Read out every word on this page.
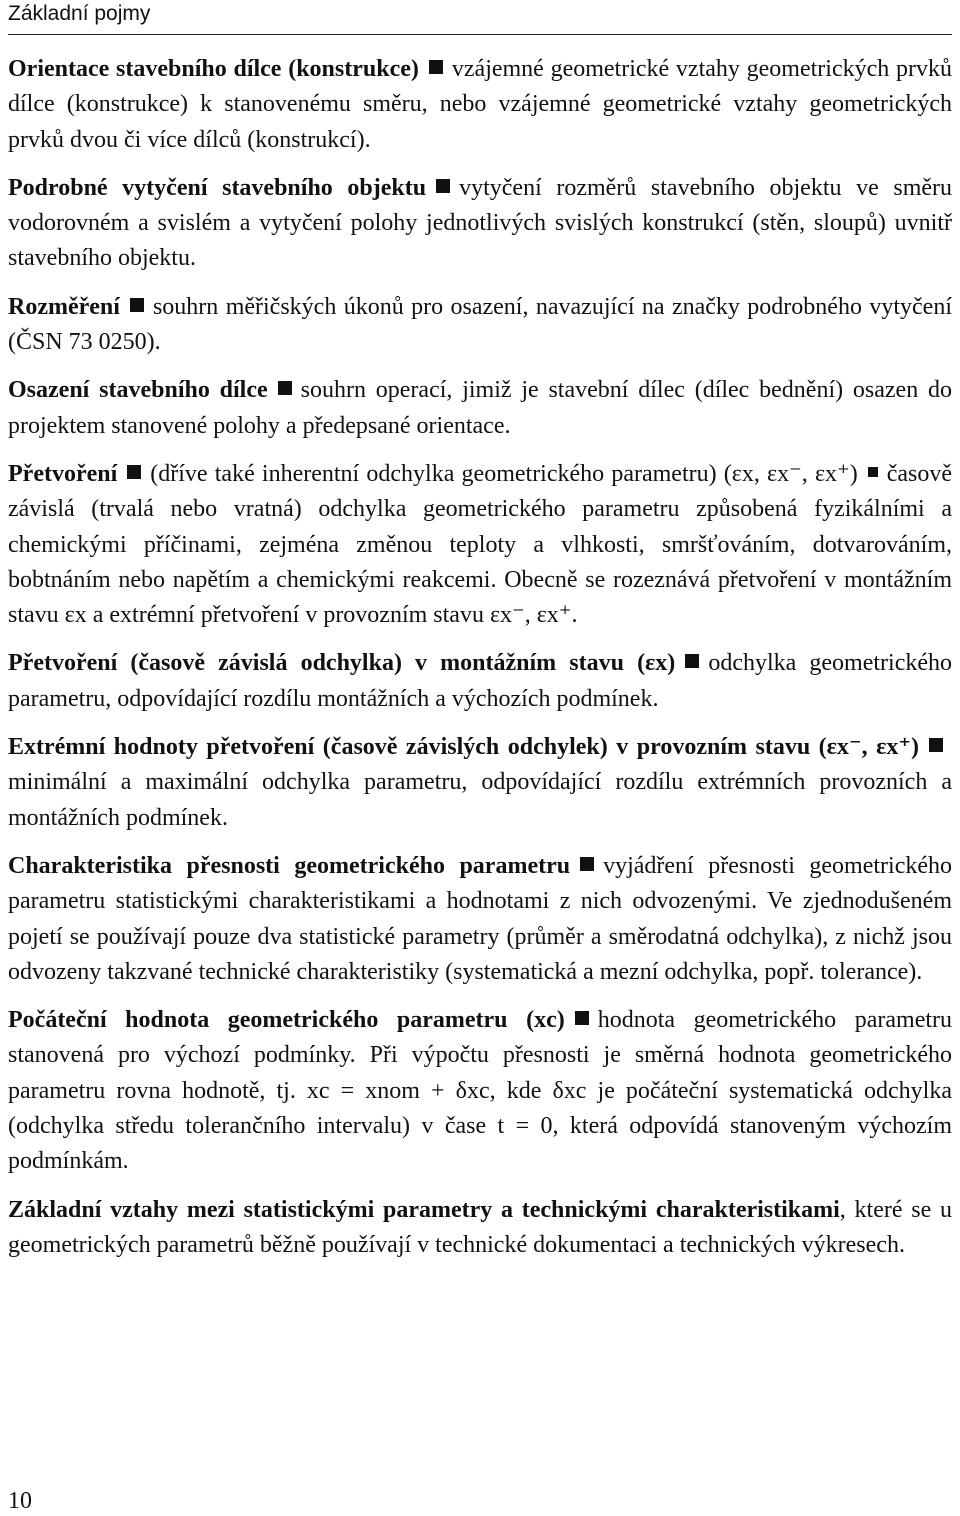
Základní pojmy

Orientace stavebního dílce (konstrukce) vzájemné geometrické vztahy geometrických prvků dílce (konstrukce) k stanovenému směru, nebo vzájemné geometrické vztahy geometrických prvků dvou či více dílců (konstrukcí).

Podrobné vytyčení stavebního objektu vytyčení rozměrů stavebního objektu ve směru vodorovném a svislém a vytyčení polohy jednotlivých svislých konstrukcí (stěn, sloupů) uvnitř stavebního objektu.

Rozměření souhrn měřičských úkonů pro osazení, navazující na značky podrobného vytyčení (ČSN 73 0250).

Osazení stavebního dílce souhrn operací, jimiž je stavební dílec (dílec bednění) osazen do projektem stanovené polohy a předepsané orientace.

Přetvoření (dříve také inherentní odchylka geometrického parametru) (εx, εx⁻, εx⁺) časově závislá (trvalá nebo vratná) odchylka geometrického parametru způsobená fyzikálními a chemickými příčinami, zejména změnou teploty a vlhkosti, smršťováním, dotvarováním, bobtnáním nebo napětím a chemickými reakcemi. Obecně se rozeznává přetvoření v montážním stavu εx a extrémní přetvoření v provozním stavu εx⁻, εx⁺.

Přetvoření (časově závislá odchylka) v montážním stavu (εx) odchylka geometrického parametru, odpovídající rozdílu montážních a výchozích podmínek.

Extrémní hodnoty přetvoření (časově závislých odchylek) v provozním stavu (εx⁻, εx⁺)minimální a maximální odchylka parametru, odpovídající rozdílu extrémních provozních a montážních podmínek.

Charakteristika přesnosti geometrického parametru vyjádření přesnosti geometrického parametru statistickými charakteristikami a hodnotami z nich odvozenými. Ve zjednodušeném pojetí se používají pouze dva statistické parametry (průměr a směrodatná odchylka), z nichž jsou odvozeny takzvané technické charakteristiky (systematická a mezní odchylka, popř. tolerance).

Počáteční hodnota geometrického parametru (xc) hodnota geometrického parametru stanovená pro výchozí podmínky. Při výpočtu přesnosti je směrná hodnota geometrického parametru rovna hodnotě, tj. xc = xnom + δxc, kde δxc je počáteční systematická odchylka (odchylka středu tolerančního intervalu) v čase t = 0, která odpovídá stanoveným výchozím podmínkám.

Základní vztahy mezi statistickými parametry a technickými charakteristikami, které se u geometrických parametrů běžně používají v technické dokumentaci a technických výkresech.

10
